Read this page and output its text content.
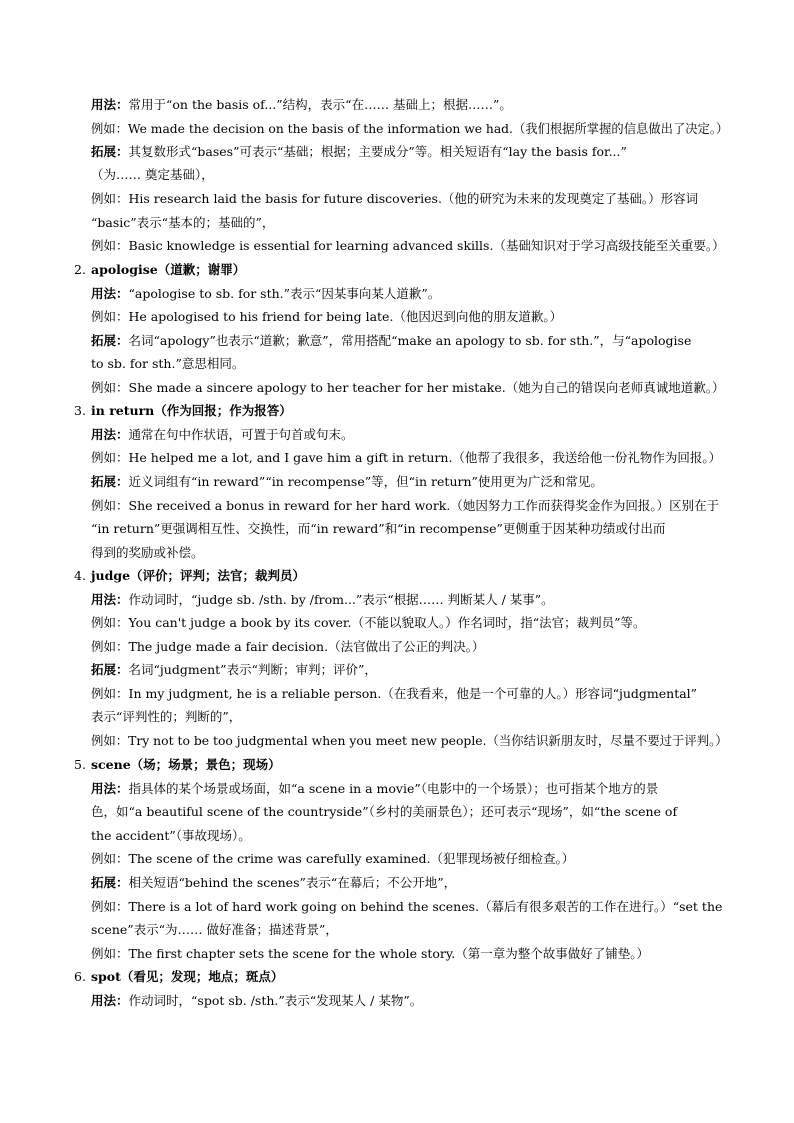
用法：常用于“on the basis of...”结构，表示“在…… 基础上；根据……”。
例如：We made the decision on the basis of the information we had.（我们根据所掌握的信息做出了决定。）
拓展：其复数形式“bases”可表示“基础；根据；主要成分”等。相关短语有“lay the basis for...”
（为…… 奠定基础），
例如：His research laid the basis for future discoveries.（他的研究为未来的发现奠定了基础。）形容词
“basic”表示“基本的；基础的”，
例如：Basic knowledge is essential for learning advanced skills.（基础知识对于学习高级技能至关重要。）
2. apologise（道歉；谢罪）
用法：“apologise to sb. for sth.”表示“因某事向某人道歉”。
例如：He apologised to his friend for being late.（他因迟到向他的朋友道歉。）
拓展：名词“apology”也表示“道歉；歉意”，常用搭配“make an apology to sb. for sth.”，与“apologise
to sb. for sth.”意思相同。
例如：She made a sincere apology to her teacher for her mistake.（她为自己的错误向老师真诚地道歉。）
3. in return（作为回报；作为报答）
用法：通常在句中作状语，可置于句首或句末。
例如：He helped me a lot, and I gave him a gift in return.（他帮了我很多，我送给他一份礼物作为回报。）
拓展：近义词组有“in reward”“in recompense”等，但“in return”使用更为广泛和常见。
例如：She received a bonus in reward for her hard work.（她因努力工作而获得奖金作为回报。）区别在于
“in return”更强调相互性、交换性，而“in reward”和“in recompense”更侧重于因某种功绩或付出而
得到的奖励或补偿。
4. judge（评价；评判；法官；裁判员）
用法：作动词时，“judge sb. /sth. by /from...”表示“根据…… 判断某人 / 某事”。
例如：You can't judge a book by its cover.（不能以貌取人。）作名词时，指“法官；裁判员”等。
例如：The judge made a fair decision.（法官做出了公正的判决。）
拓展：名词“judgment”表示“判断；审判；评价”，
例如：In my judgment, he is a reliable person.（在我看来，他是一个可靠的人。）形容词“judgmental”
表示“评判性的；判断的”，
例如：Try not to be too judgmental when you meet new people.（当你结识新朋友时，尽量不要过于评判。）
5. scene（场；场景；景色；现场）
用法：指具体的某个场景或场面，如“a scene in a movie”（电影中的一个场景）；也可指某个地方的景
色，如“a beautiful scene of the countryside”（乡村的美丽景色）；还可表示“现场”，如“the scene of
the accident”（事故现场）。
例如：The scene of the crime was carefully examined.（犯罪现场被仔细检查。）
拓展：相关短语“behind the scenes”表示“在幕后；不公开地”，
例如：There is a lot of hard work going on behind the scenes.（幕后有很多艰苦的工作在进行。）“set the
scene”表示“为…… 做好准备；描述背景”，
例如：The first chapter sets the scene for the whole story.（第一章为整个故事做好了铺垫。）
6. spot（看见；发现；地点；斑点）
用法：作动词时，“spot sb. /sth.”表示“发现某人 / 某物”。
